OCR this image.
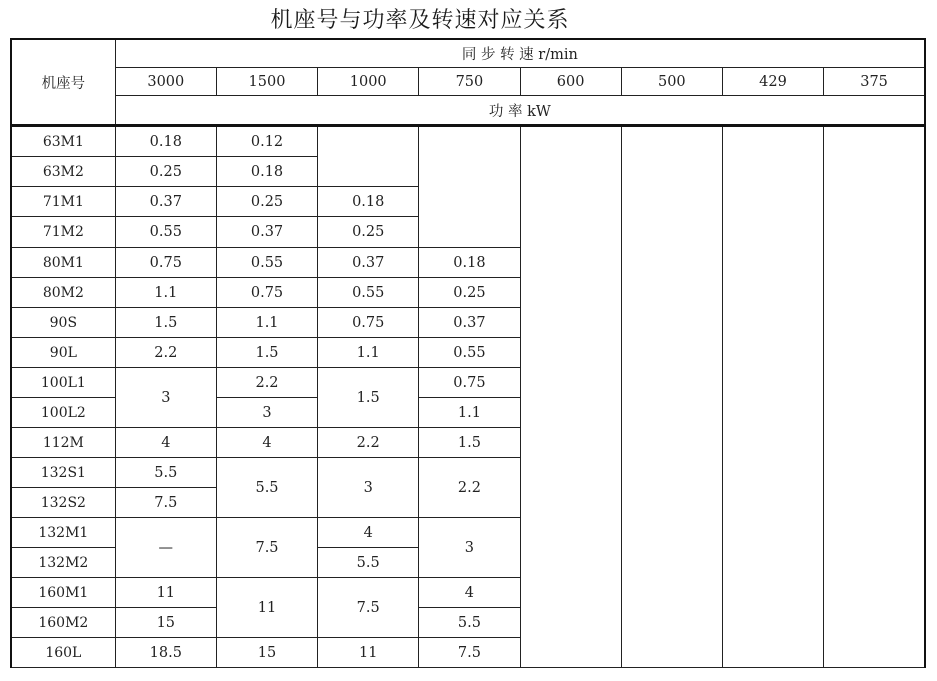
机座号与功率及转速对应关系
机座号	同 步 转 速 r/min							
	3000	1500	1000	750	600	500	429	375
	功 率 kW							
63M1	0.18	0.12						
63M2	0.25	0.18						
71M1	0.37	0.25	0.18					
71M2	0.55	0.37	0.25					
80M1	0.75	0.55	0.37	0.18				
80M2	1.1	0.75	0.55	0.25				
90S	1.5	1.1	0.75	0.37				
90L	2.2	1.5	1.1	0.55				
100L1	3	2.2	1.5	0.75				
100L2		3		1.1				
112M	4	4	2.2	1.5				
132S1	5.5	5.5	3	2.2				
132S2	7.5							
132M1	—	7.5	4	3				
132M2			5.5					
160M1	11	11	7.5	4				
160M2	15			5.5				
160L	18.5	15	11	7.5				
